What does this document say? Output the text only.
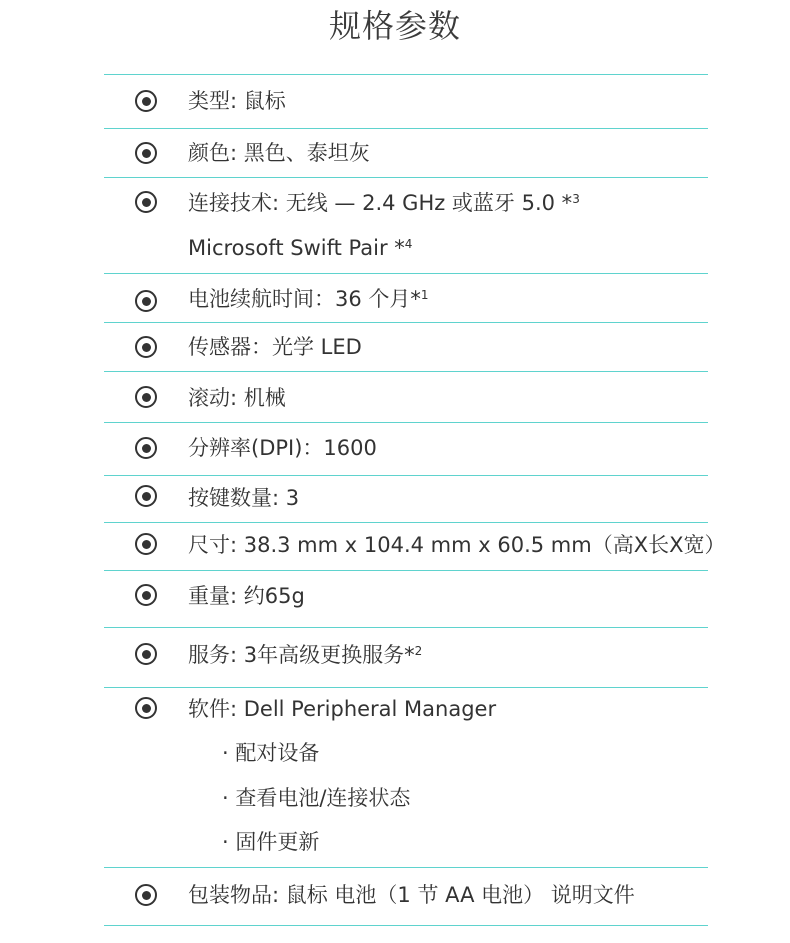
规格参数
类型: 鼠标
颜色: 黑色、泰坦灰
连接技术: 无线 — 2.4 GHz 或蓝牙 5.0 *$^3$
Microsoft Swift Pair *$^4$
电池续航时间：36 个月*$^1$
传感器：光学 LED
滚动: 机械
分辨率(DPI)：1600
按键数量: 3
尺寸: 38.3 mm x 104.4 mm x 60.5 mm（高X长X宽）
重量: 约65g
服务: 3年高级更换服务*$^2$
软件: Dell Peripheral Manager
· 配对设备
· 查看电池/连接状态
· 固件更新
包装物品: 鼠标 电池（1 节 AA 电池） 说明文件
